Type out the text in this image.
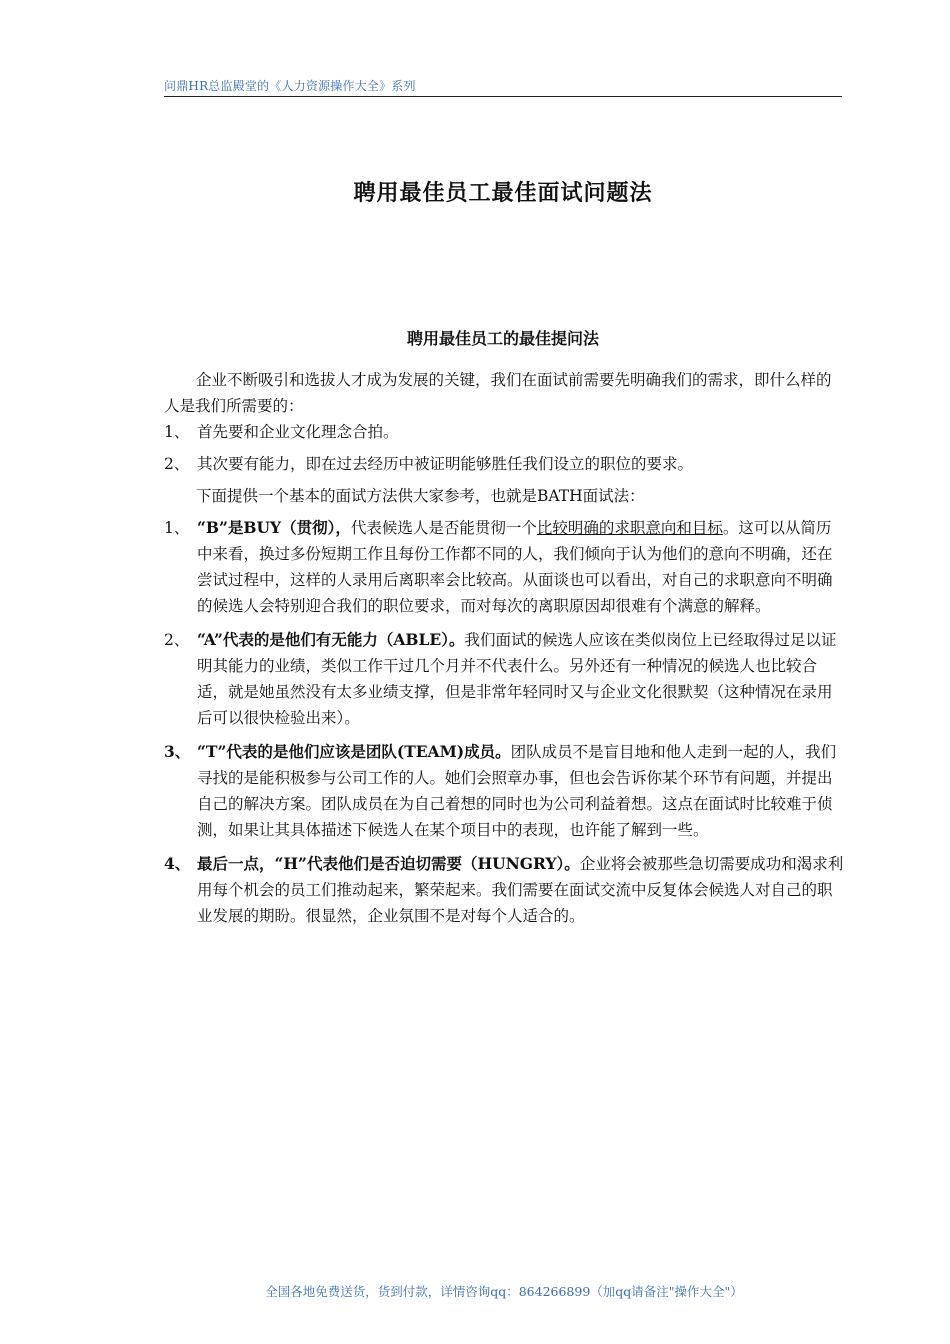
问鼎HR总监殿堂的《人力资源操作大全》系列
聘用最佳员工最佳面试问题法
聘用最佳员工的最佳提问法

企业不断吸引和选拔人才成为发展的关键，我们在面试前需要先明确我们的需求，即什么样的人是我们所需要的：

1、 首先要和企业文化理念合拍。

2、 其次要有能力，即在过去经历中被证明能够胜任我们设立的职位的要求。

下面提供一个基本的面试方法供大家参考，也就是BATH面试法：

1、 “B”是BUY（贯彻），代表候选人是否能贯彻一个比较明确的求职意向和目标。这可以从简历中来看，换过多份短期工作且每份工作都不同的人，我们倾向于认为他们的意向不明确，还在尝试过程中，这样的人录用后离职率会比较高。从面谈也可以看出，对自己的求职意向不明确的候选人会特别迎合我们的职位要求，而对每次的离职原因却很难有个满意的解释。

2、 “A”代表的是他们有无能力（ABLE）。我们面试的候选人应该在类似岗位上已经取得过足以证明其能力的业绩，类似工作干过几个月并不代表什么。另外还有一种情况的候选人也比较合适，就是她虽然没有太多业绩支撑，但是非常年轻同时又与企业文化很默契（这种情况在录用后可以很快检验出来）。

3、 “T”代表的是他们应该是团队(TEAM)成员。团队成员不是盲目地和他人走到一起的人，我们寻找的是能积极参与公司工作的人。她们会照章办事，但也会告诉你某个环节有问题，并提出自己的解决方案。团队成员在为自己着想的同时也为公司利益着想。这点在面试时比较难于侦测，如果让其具体描述下候选人在某个项目中的表现，也许能了解到一些。

4、 最后一点，“H”代表他们是否迫切需要（HUNGRY）。企业将会被那些急切需要成功和渴求利用每个机会的员工们推动起来，繁荣起来。我们需要在面试交流中反复体会候选人对自己的职业发展的期盼。很显然，企业氛围不是对每个人适合的。

全国各地免费送货，货到付款，详情咨询qq：864266899（加qq请备注"操作大全"）
